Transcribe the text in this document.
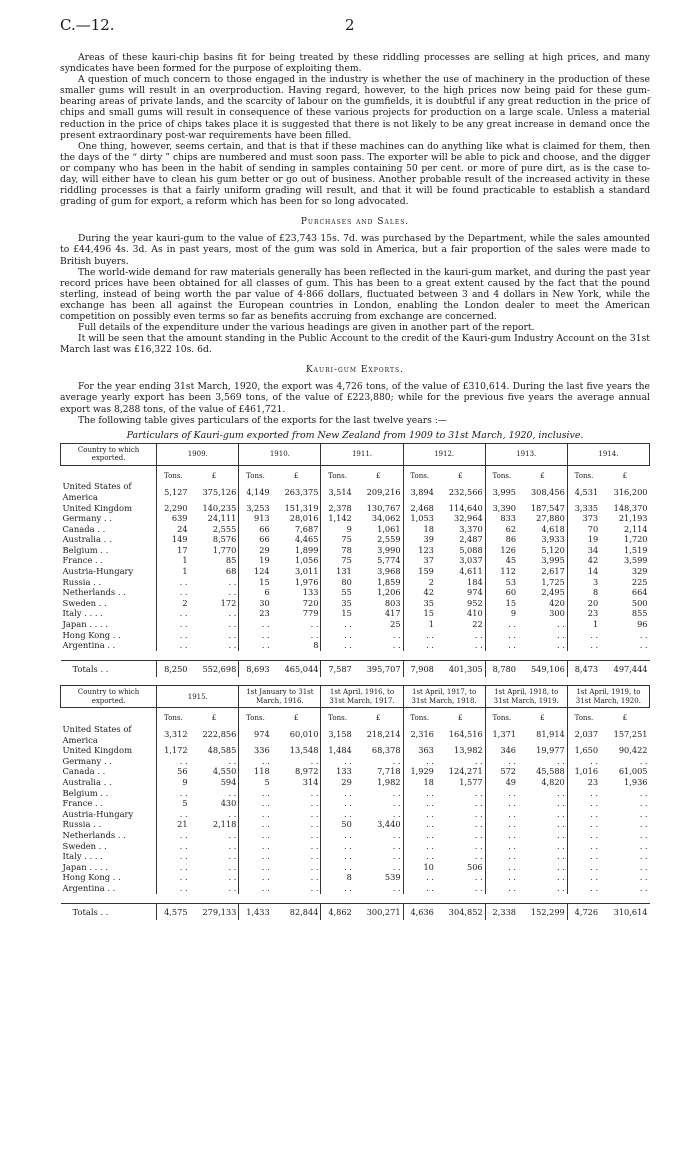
C.—12.	2

Areas of these kauri-chip basins fit for being treated by these riddling processes are selling at high prices, and many syndicates have been formed for the purpose of exploiting them.

A question of much concern to those engaged in the industry is whether the use of machinery in the production of these smaller gums will result in an overproduction. Having regard, however, to the high prices now being paid for these gum-bearing areas of private lands, and the scarcity of labour on the gumfields, it is doubtful if any great reduction in the price of chips and small gums will result in consequence of these various projects for production on a large scale. Unless a material reduction in the price of chips takes place it is suggested that there is not likely to be any great increase in demand once the present extraordinary post-war requirements have been filled.

One thing, however, seems certain, and that is that if these machines can do anything like what is claimed for them, then the days of the “ dirty ” chips are numbered and must soon pass. The exporter will be able to pick and choose, and the digger or company who has been in the habit of sending in samples containing 50 per cent. or more of pure dirt, as is the case to-day, will either have to clean his gum better or go out of business. Another probable result of the increased activity in these riddling processes is that a fairly uniform grading will result, and that it will be found practicable to establish a standard grading of gum for export, a reform which has been for so long advocated.

Purchases and Sales.

During the year kauri-gum to the value of £23,743 15s. 7d. was purchased by the Department, while the sales amounted to £44,496 4s. 3d. As in past years, most of the gum was sold in America, but a fair proportion of the sales were made to British buyers.

The world-wide demand for raw materials generally has been reflected in the kauri-gum market, and during the past year record prices have been obtained for all classes of gum. This has been to a great extent caused by the fact that the pound sterling, instead of being worth the par value of 4·866 dollars, fluctuated between 3 and 4 dollars in New York, while the exchange has been all against the European countries in London, enabling the London dealer to meet the American competition on possibly even terms so far as benefits accruing from exchange are concerned.

Full details of the expenditure under the various headings are given in another part of the report.

It will be seen that the amount standing in the Public Account to the credit of the Kauri-gum Industry Account on the 31st March last was £16,322 10s. 6d.

Kauri-gum Exports.

For the year ending 31st March, 1920, the export was 4,726 tons, of the value of £310,614. During the last five years the average yearly export has been 3,569 tons, of the value of £223,880; while for the previous five years the average annual export was 8,288 tons, of the value of £461,721.

The following table gives particulars of the exports for the last twelve years :—

Particulars of Kauri-gum exported from New Zealand from 1909 to 31st March, 1920, inclusive.
Country to which exported.	1909.		1910.		1911.		1912.		1913.		1914.	
	Tons.	£	Tons.	£	Tons.	£	Tons.	£	Tons.	£	Tons.	£
United States of America	5,127	375,126	4,149	263,375	3,514	209,216	3,894	232,566	3,995	308,456	4,531	316,200
United Kingdom	2,290	140,235	3,253	151,319	2,378	130,767	2,468	114,640	3,390	187,547	3,335	148,370
Germany . .	639	24,111	913	28,016	1,142	34,062	1,053	32,964	833	27,880	373	21,193
Canada . .	24	2,555	66	7,687	9	1,061	18	3,370	62	4,618	70	2,114
Australia . .	149	8,576	66	4,465	75	2,559	39	2,487	86	3,933	19	1,720
Belgium . .	17	1,770	29	1,899	78	3,990	123	5,088	126	5,120	34	1,519
France . .	1	85	19	1,056	75	5,774	37	3,037	45	3,995	42	3,599
Austria-Hungary	1	68	124	3,011	131	3,968	159	4,611	112	2,617	14	329
Russia . .	. .	. .	15	1,976	80	1,859	2	184	53	1,725	3	225
Netherlands . .	. .	. .	6	133	55	1,206	42	974	60	2,495	8	664
Sweden . .	2	172	30	720	35	803	35	952	15	420	20	500
Italy . . . .	. .	. .	23	779	15	417	15	410	9	300	23	855
Japan . . . .	. .	. .	. .	. .	. .	25	1	22	. .	. .	1	96
Hong Kong . .	. .	. .	. .	. .	. .	. .	. .	. .	. .	. .	. .	. .
Argentina . .	. .	. .	. .	8	. .	. .	. .	. .	. .	. .	. .	. .

Totals . .	8,250	552,698	8,693	465,044	7,587	395,707	7,908	401,305	8,780	549,106	8,473	497,444
Country to which exported.	1915.		1st January to 31st March, 1916.		1st April, 1916, to 31st March, 1917.		1st April, 1917, to 31st March, 1918.		1st April, 1918, to 31st March, 1919.		1st April, 1919, to 31st March, 1920.	
	Tons.	£	Tons.	£	Tons.	£	Tons.	£	Tons.	£	Tons.	£
United States of America	3,312	222,856	974	60,010	3,158	218,214	2,316	164,516	1,371	81,914	2,037	157,251
United Kingdom	1,172	48,585	336	13,548	1,484	68,378	363	13,982	346	19,977	1,650	90,422
Germany . .	. .	. .	. .	. .	. .	. .	. .	. .	. .	. .	. .	. .
Canada . .	56	4,550	118	8,972	133	7,718	1,929	124,271	572	45,588	1,016	61,005
Australia . .	9	594	5	314	29	1,982	18	1,577	49	4,820	23	1,936
Belgium . .	. .	. .	. .	. .	. .	. .	. .	. .	. .	. .	. .	. .
France . .	5	430	. .	. .	. .	. .	. .	. .	. .	. .	. .	. .
Austria-Hungary	. .	. .	. .	. .	. .	. .	. .	. .	. .	. .	. .	. .
Russia . .	21	2,118	. .	. .	50	3,440	. .	. .	. .	. .	. .	. .
Netherlands . .	. .	. .	. .	. .	. .	. .	. .	. .	. .	. .	. .	. .
Sweden . .	. .	. .	. .	. .	. .	. .	. .	. .	. .	. .	. .	. .
Italy . . . .	. .	. .	. .	. .	. .	. .	. .	. .	. .	. .	. .	. .
Japan . . . .	. .	. .	. .	. .	. .	. .	10	506	. .	. .	. .	. .
Hong Kong . .	. .	. .	. .	. .	8	539	. .	. .	. .	. .	. .	. .
Argentina . .	. .	. .	. .	. .	. .	. .	. .	. .	. .	. .	. .	. .

Totals . .	4,575	279,133	1,433	82,844	4,862	300,271	4,636	304,852	2,338	152,299	4,726	310,614
